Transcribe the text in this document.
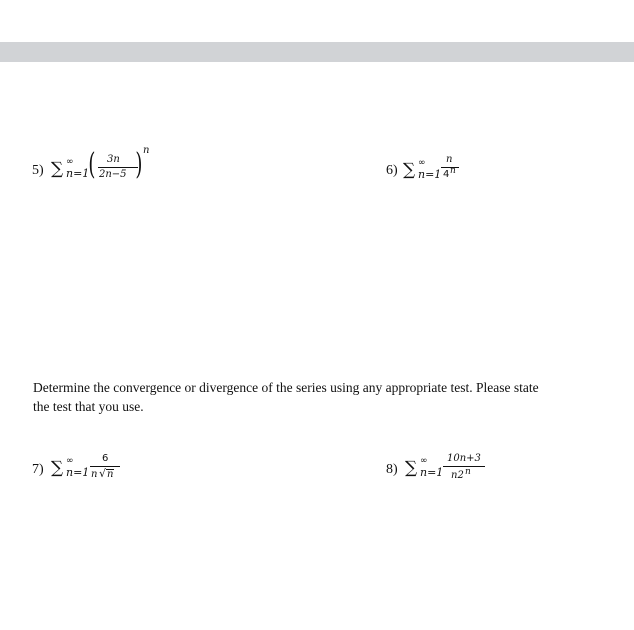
5) ∑ ∞
n=1 ( 3n
2n−5 ) n
6) ∑ ∞
n=1
n
4 n
Determine the convergence or divergence of the series using any appropriate test. Please state
the test that you use.
7) ∑ ∞
n=1
6
n √ n	8) ∑ ∞
n=1
10n+3
n2 n
